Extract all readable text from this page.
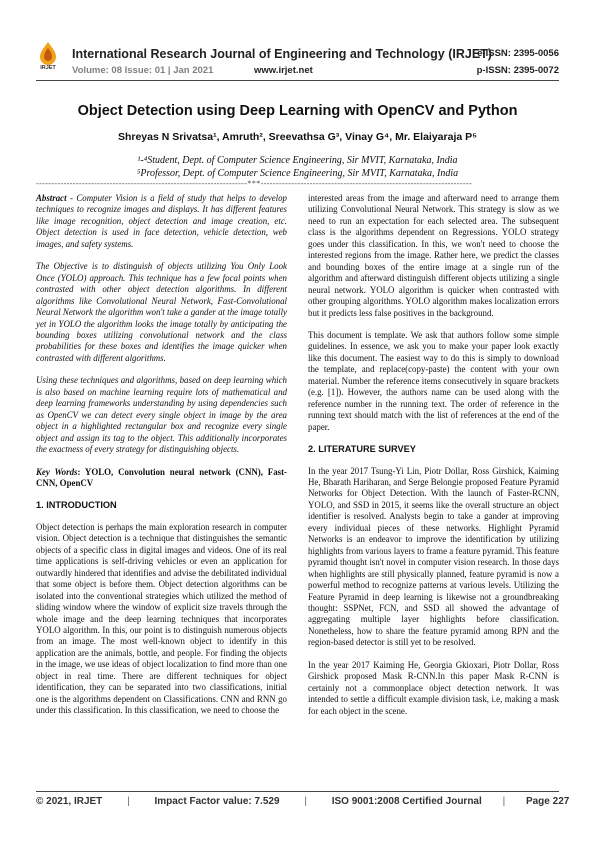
IRJET
International Research Journal of Engineering and Technology (IRJET)
Volume: 08 Issue: 01 | Jan 2021	www.irjet.net
e-ISSN: 2395-0056
p-ISSN: 2395-0072
Object Detection using Deep Learning with OpenCV and Python
Shreyas N Srivatsa¹, Amruth², Sreevathsa G³, Vinay G⁴, Mr. Elaiyaraja P⁵
¹-⁴Student, Dept. of Computer Science Engineering, Sir MVIT, Karnataka, India
⁵Professor, Dept. of Computer Science Engineering, Sir MVIT, Karnataka, India
---------------------------------------------------------------------***---------------------------------------------------------------------

Abstract - Computer Vision is a field of study that helps to develop techniques to recognize images and displays. It has different features like image recognition, object detection and image creation, etc. Object detection is used in face detection, vehicle detection, web images, and safety systems.

The Objective is to distinguish of objects utilizing You Only Look Once (YOLO) approach. This technique has a few focal points when contrasted with other object detection algorithms. In different algorithms like Convolutional Neural Network, Fast-Convolutional Neural Network the algorithm won't take a gander at the image totally yet in YOLO the algorithm looks the image totally by anticipating the bounding boxes utilizing convolutional network and the class probabilities for these boxes and identifies the image quicker when contrasted with different algorithms.

Using these techniques and algorithms, based on deep learning which is also based on machine learning require lots of mathematical and deep learning frameworks understanding by using dependencies such as OpenCV we can detect every single object in image by the area object in a highlighted rectangular box and recognize every single object and assign its tag to the object. This additionally incorporates the exactness of every strategy for distinguishing objects.

Key Words: YOLO, Convolution neural network (CNN), Fast-CNN, OpenCV

1. INTRODUCTION

Object detection is perhaps the main exploration research in computer vision. Object detection is a technique that distinguishes the semantic objects of a specific class in digital images and videos. One of its real time applications is self-driving vehicles or even an application for outwardly hindered that identifies and advise the debilitated individual that some object is before them. Object detection algorithms can be isolated into the conventional strategies which utilized the method of sliding window where the window of explicit size travels through the whole image and the deep learning techniques that incorporates YOLO algorithm. In this, our point is to distinguish numerous objects from an image. The most well-known object to identify in this application are the animals, bottle, and people. For finding the objects in the image, we use ideas of object localization to find more than one object in real time. There are different techniques for object identification, they can be separated into two classifications, initial one is the algorithms dependent on Classifications. CNN and RNN go under this classification. In this classification, we need to choose the

interested areas from the image and afterward need to arrange them utilizing Convolutional Neural Network. This strategy is slow as we need to run an expectation for each selected area. The subsequent class is the algorithms dependent on Regressions. YOLO strategy goes under this classification. In this, we won't need to choose the interested regions from the image. Rather here, we predict the classes and bounding boxes of the entire image at a single run of the algorithm and afterward distinguish different objects utilizing a single neural network. YOLO algorithm is quicker when contrasted with other grouping algorithms. YOLO algorithm makes localization errors but it predicts less false positives in the background.

This document is template. We ask that authors follow some simple guidelines. In essence, we ask you to make your paper look exactly like this document. The easiest way to do this is simply to download the template, and replace(copy-paste) the content with your own material. Number the reference items consecutively in square brackets (e.g. [1]). However, the authors name can be used along with the reference number in the running text. The order of reference in the running text should match with the list of references at the end of the paper.

2. LITERATURE SURVEY

In the year 2017 Tsung-Yi Lin, Piotr Dollar, Ross Girshick, Kaiming He, Bharath Hariharan, and Serge Belongie proposed Feature Pyramid Networks for Object Detection. With the launch of Faster-RCNN, YOLO, and SSD in 2015, it seems like the overall structure an object identifier is resolved. Analysts begin to take a gander at improving every individual pieces of these networks. Highlight Pyramid Networks is an endeavor to improve the identification by utilizing highlights from various layers to frame a feature pyramid. This feature pyramid thought isn't novel in computer vision research. In those days when highlights are still physically planned, feature pyramid is now a powerful method to recognize patterns at various levels. Utilizing the Feature Pyramid in deep learning is likewise not a groundbreaking thought: SSPNet, FCN, and SSD all showed the advantage of aggregating multiple layer highlights before classification. Nonetheless, how to share the feature pyramid among RPN and the region-based detector is still yet to be resolved.

In the year 2017 Kaiming He, Georgia Gkioxari, Piotr Dollar, Ross Girshick proposed Mask R-CNN.In this paper Mask R-CNN is certainly not a commonplace object detection network. It was intended to settle a difficult example division task, i.e, making a mask for each object in the scene.

© 2021, IRJET | Impact Factor value: 7.529 | ISO 9001:2008 Certified Journal | Page 227
